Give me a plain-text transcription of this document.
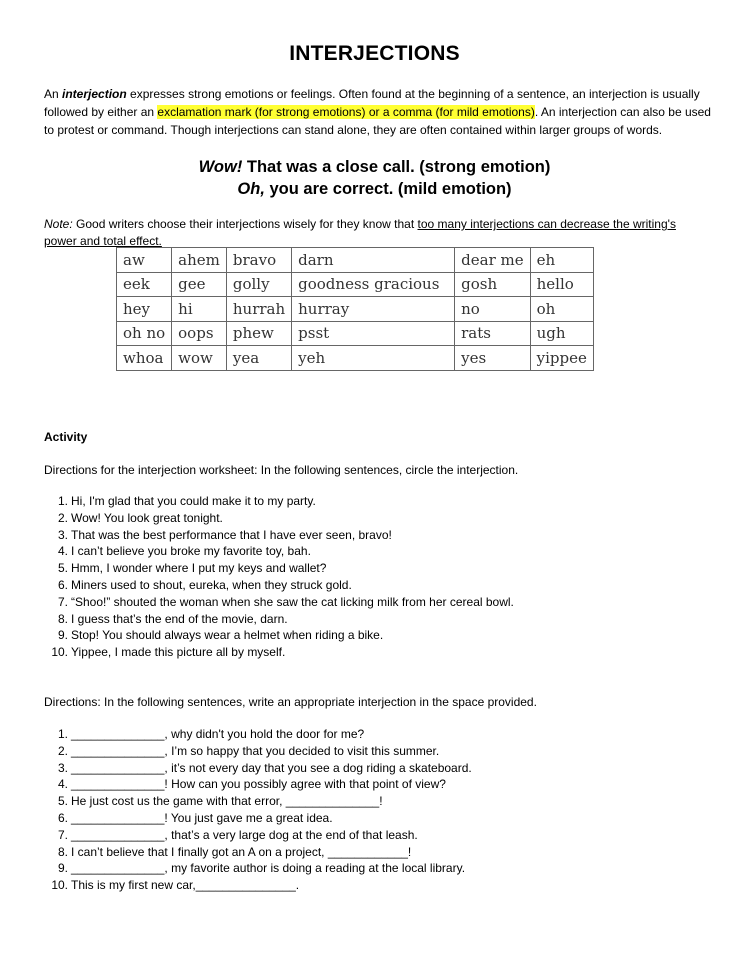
INTERJECTIONS
An interjection expresses strong emotions or feelings. Often found at the beginning of a sentence, an interjection is usually followed by either an exclamation mark (for strong emotions) or a comma (for mild emotions). An interjection can also be used to protest or command. Though interjections can stand alone, they are often contained within larger groups of words.
Wow! That was a close call. (strong emotion)
Oh, you are correct. (mild emotion)
Note: Good writers choose their interjections wisely for they know that too many interjections can decrease the writing's power and total effect.
aw	ahem	bravo	darn	dear me	eh
eek	gee	golly	goodness gracious	gosh	hello
hey	hi	hurrah	hurray	no	oh
oh no	oops	phew	psst	rats	ugh
whoa	wow	yea	yeh	yes	yippee
Activity
Directions for the interjection worksheet: In the following sentences, circle the interjection.
1. Hi, I'm glad that you could make it to my party.
2. Wow! You look great tonight.
3. That was the best performance that I have ever seen, bravo!
4. I can’t believe you broke my favorite toy, bah.
5. Hmm, I wonder where I put my keys and wallet?
6. Miners used to shout, eureka, when they struck gold.
7. “Shoo!” shouted the woman when she saw the cat licking milk from her cereal bowl.
8. I guess that’s the end of the movie, darn.
9. Stop! You should always wear a helmet when riding a bike.
10. Yippee, I made this picture all by myself.
Directions: In the following sentences, write an appropriate interjection in the space provided.
1. ______________, why didn't you hold the door for me?
2. ______________, I’m so happy that you decided to visit this summer.
3. ______________, it’s not every day that you see a dog riding a skateboard.
4. ______________! How can you possibly agree with that point of view?
5. He just cost us the game with that error, ______________!
6. ______________! You just gave me a great idea.
7. ______________, that’s a very large dog at the end of that leash.
8. I can’t believe that I finally got an A on a project, ____________!
9. ______________, my favorite author is doing a reading at the local library.
10. This is my first new car,_______________.
